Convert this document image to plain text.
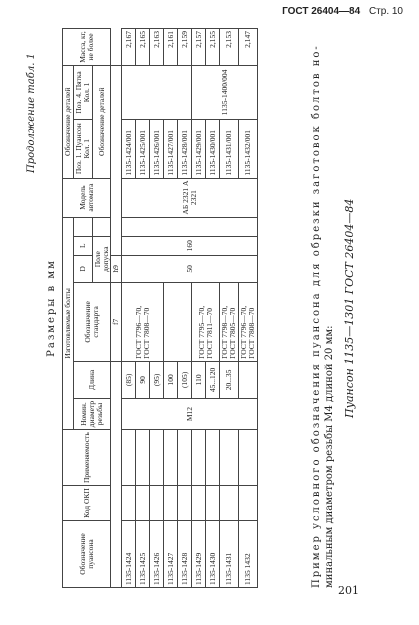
ГОСТ 26404—84 Стр. 10
Продолжение табл. 1
Размеры в мм
Обозначение пуансона	Код ОКП	Применяемость	Изготовляемые болты						Модель автомата	Обозначение деталей		Масса, кг, не более
			Номин. диаметр резьбы	Длина	Обозначение стандарта	D	L			Поз. 1. Пуансон Кол. 1	Поз. 4. Пятка Кол. 1	
						Поле допуска				Обозначение деталей		
					f7	h9						
1135-1424			M12	(85)	ГОСТ 7796—70, ГОСТ 7808—70	50	160		АБ 2321 А 2321	1135-1424/001		2,167
1135-1425				90						1135-1425/001		2,165
1135-1426				(95)						1135-1426/001		2,163
1135-1427				100						1135-1427/001		2,161
1135-1428				(105)						1135-1428/001		2,159
1135-1429				110	ГОСТ 7795—70, ГОСТ 7811—70					1135-1429/001	1135-1400/004	2,157
1135-1430				45...120						1135-1430/001		2,155
1135-1431				20...35	ГОСТ 7798—70, ГОСТ 7805—70					1135-1431/001		2,153
1135 1432					ГОСТ 7796—70, ГОСТ 7808—70					1135-1432/001		2,147
Пример условного обозначения пуансона для обрезки заготовок болтов но- минальным диаметром резьбы M4 длиной 20 мм:
Пуансон 1135—1301 ГОСТ 26404—84
201
